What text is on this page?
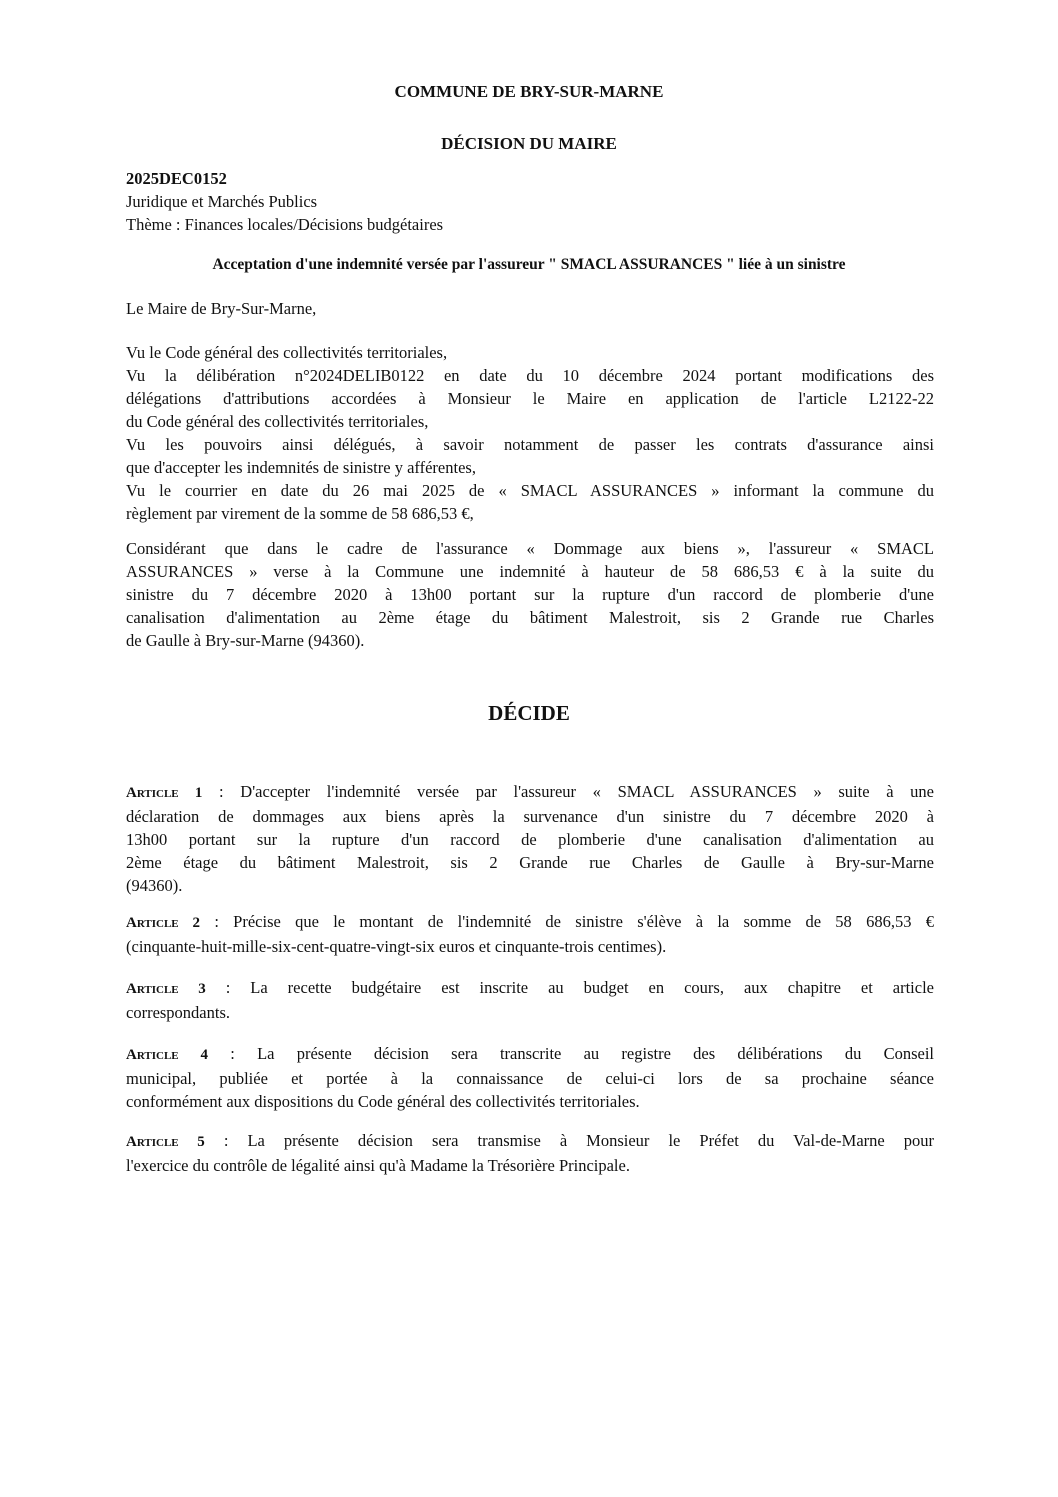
COMMUNE DE BRY-SUR-MARNE
DÉCISION DU MAIRE
2025DEC0152
Juridique et Marchés Publics
Thème : Finances locales/Décisions budgétaires
Acceptation d'une indemnité versée par l'assureur " SMACL ASSURANCES " liée à un sinistre
Le Maire de Bry-Sur-Marne,
Vu le Code général des collectivités territoriales,
Vu la délibération n°2024DELIB0122 en date du 10 décembre 2024 portant modifications des
délégations d'attributions accordées à Monsieur le Maire en application de l'article L2122-22
du Code général des collectivités territoriales,
Vu les pouvoirs ainsi délégués, à savoir notamment de passer les contrats d'assurance ainsi
que d'accepter les indemnités de sinistre y afférentes,
Vu le courrier en date du 26 mai 2025 de « SMACL ASSURANCES » informant la commune du
règlement par virement de la somme de 58 686,53 €,
Considérant que dans le cadre de l'assurance « Dommage aux biens », l'assureur « SMACL
ASSURANCES » verse à la Commune une indemnité à hauteur de 58 686,53 € à la suite du
sinistre du 7 décembre 2020 à 13h00 portant sur la rupture d'un raccord de plomberie d'une
canalisation d'alimentation au 2ème étage du bâtiment Malestroit, sis 2 Grande rue Charles
de Gaulle à Bry-sur-Marne (94360).
DÉCIDE
Article 1 : D'accepter l'indemnité versée par l'assureur « SMACL ASSURANCES » suite à une
déclaration de dommages aux biens après la survenance d'un sinistre du 7 décembre 2020 à
13h00 portant sur la rupture d'un raccord de plomberie d'une canalisation d'alimentation au
2ème étage du bâtiment Malestroit, sis 2 Grande rue Charles de Gaulle à Bry-sur-Marne
(94360).
Article 2 : Précise que le montant de l'indemnité de sinistre s'élève à la somme de 58 686,53 €
(cinquante-huit-mille-six-cent-quatre-vingt-six euros et cinquante-trois centimes).
Article 3 : La recette budgétaire est inscrite au budget en cours, aux chapitre et article
correspondants.
Article 4 : La présente décision sera transcrite au registre des délibérations du Conseil
municipal, publiée et portée à la connaissance de celui-ci lors de sa prochaine séance
conformément aux dispositions du Code général des collectivités territoriales.
Article 5 : La présente décision sera transmise à Monsieur le Préfet du Val-de-Marne pour
l'exercice du contrôle de légalité ainsi qu'à Madame la Trésorière Principale.
